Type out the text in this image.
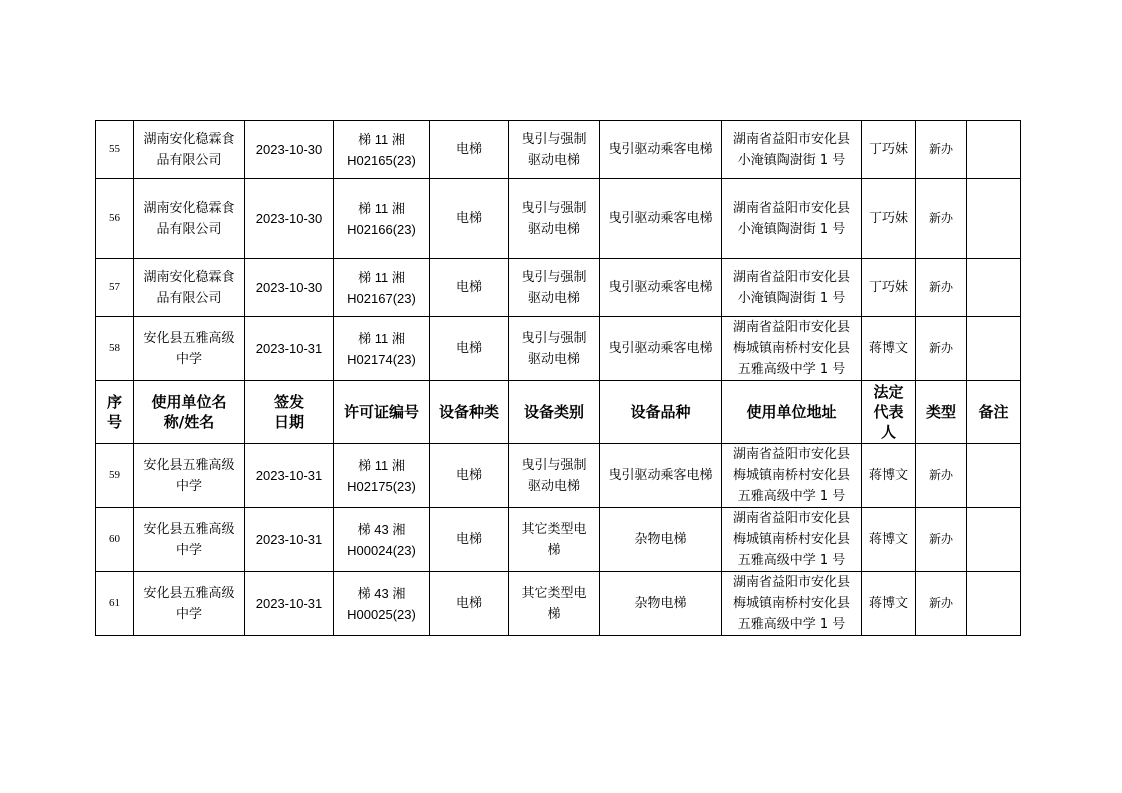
55	湖南安化稳霖食
品有限公司	2023-10-30	梯 11 湘
H02165(23)	电梯	曳引与强制
驱动电梯	曳引驱动乘客电梯	湖南省益阳市安化县
小淹镇陶澍街 1 号	丁巧妹	新办	
56	湖南安化稳霖食
品有限公司	2023-10-30	梯 11 湘
H02166(23)	电梯	曳引与强制
驱动电梯	曳引驱动乘客电梯	湖南省益阳市安化县
小淹镇陶澍街 1 号	丁巧妹	新办	
57	湖南安化稳霖食
品有限公司	2023-10-30	梯 11 湘
H02167(23)	电梯	曳引与强制
驱动电梯	曳引驱动乘客电梯	湖南省益阳市安化县
小淹镇陶澍街 1 号	丁巧妹	新办	
58	安化县五雅高级
中学	2023-10-31	梯 11 湘
H02174(23)	电梯	曳引与强制
驱动电梯	曳引驱动乘客电梯	湖南省益阳市安化县
梅城镇南桥村安化县
五雅高级中学 1 号	蒋博文	新办	

序
号	使用单位名
称/姓名	签发
日期	许可证编号	设备种类	设备类别	设备品种	使用单位地址	法定
代表
人	类型	备注
59	安化县五雅高级
中学	2023-10-31	梯 11 湘
H02175(23)	电梯	曳引与强制
驱动电梯	曳引驱动乘客电梯	湖南省益阳市安化县
梅城镇南桥村安化县
五雅高级中学 1 号	蒋博文	新办	
60	安化县五雅高级
中学	2023-10-31	梯 43 湘
H00024(23)	电梯	其它类型电
梯	杂物电梯	湖南省益阳市安化县
梅城镇南桥村安化县
五雅高级中学 1 号	蒋博文	新办	
61	安化县五雅高级
中学	2023-10-31	梯 43 湘
H00025(23)	电梯	其它类型电
梯	杂物电梯	湖南省益阳市安化县
梅城镇南桥村安化县
五雅高级中学 1 号	蒋博文	新办	
